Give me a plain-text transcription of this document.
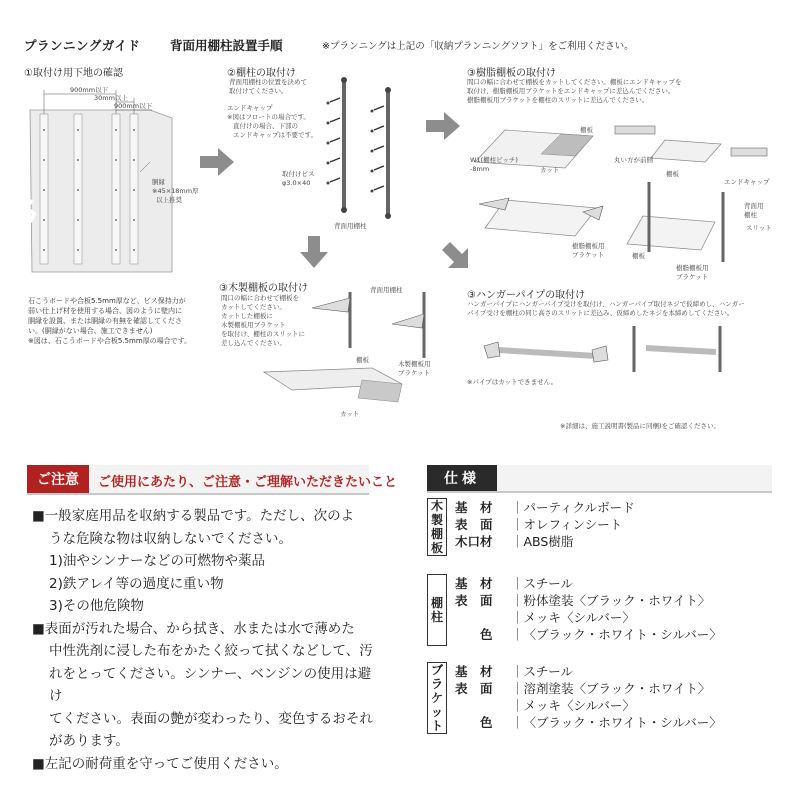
プランニングガイド 背面用棚柱設置手順	※プランニングは上記の「収納プランニングソフト」をご利用ください。
①取付け用下地の確認
900mm以下
30mm以上
900mm以下
胴縁
※45×18mm厚
以上推奨
石こうボードや合板5.5mm厚など、ビス保持力が
弱い仕上げ材を使用する場合、図のように壁内に
胴縁を設置、または胴縁の有無を確認してくださ
い。(胴縁がない場合、施工できません)
※図は、石こうボードや合板5.5mm厚の場合です。
②棚柱の取付け
背面用棚柱の位置を決めて
取付けてください。
エンドキャップ
※図はフロートの場合です。
直付けの場合、下部の
エンドキャップは不要です。
取付けビス
φ3.0×40
背面用棚柱
③樹脂棚板の取付け
間口の幅に合わせて棚板をカットしてください。棚板にエンドキャップを
取付け、樹脂棚板用ブラケットをエンドキャップに差込んでください。
樹脂棚板用ブラケットを棚柱のスリットに差込んでください。
棚板
W1(棚柱ピッチ)
-8mm	カット
丸い方が前側
棚板
エンドキャップ
樹脂棚板用
ブラケット	棚板
樹脂棚板用
ブラケット
背面用
棚柱
スリット
③木製棚板の取付け
間口の幅に合わせて棚板を
カットしてください。
カットした棚板に
木製棚板用ブラケット
を取付け、棚柱のスリットに
差し込んでください。
背面用棚柱
棚板	木製棚板用
ブラケット
カット
③ハンガーパイプの取付け
ハンガーパイプにハンガーパイプ受けを取付け、ハンガーパイプ取付ネジで仮締めし、ハンガー
パイプ受けを棚柱の同じ高さのスリットに差込み、仮締めしたネジを本締めしてください。
※パイプはカットできません。
※詳細は、施工説明書(製品に同梱)をご確認ください。
ご注意	ご使用にあたり、ご注意・ご理解いただきたいこと

■一般家庭用品を収納する製品です。ただし、次のよ

うな危険な物は収納しないでください。

1)油やシンナーなどの可燃物や薬品

2)鉄アレイ等の過度に重い物

3)その他危険物

■表面が汚れた場合、から拭き、水または水で薄めた

中性洗剤に浸した布をかたく絞って拭くなどして、汚

れをとってください。シンナー、ベンジンの使用は避け

てください。表面の艶が変わったり、変色するおそれ

があります。

■左記の耐荷重を守ってご使用ください。

仕様
木
製
棚
板
基　材 ｜パーティクルボード
表　面 ｜オレフィンシート
木口材 ｜ABS樹脂
棚
柱
基　材 ｜スチール
表　面 ｜粉体塗装〈ブラック・ホワイト〉
｜メッキ〈シルバー〉
　　色 ｜〈ブラック・ホワイト・シルバー〉
ブ
ラ
ケ
ッ
ト
基　材 ｜スチール
表　面 ｜溶剤塗装〈ブラック・ホワイト〉
｜メッキ〈シルバー〉
　　色 ｜〈ブラック・ホワイト・シルバー〉
